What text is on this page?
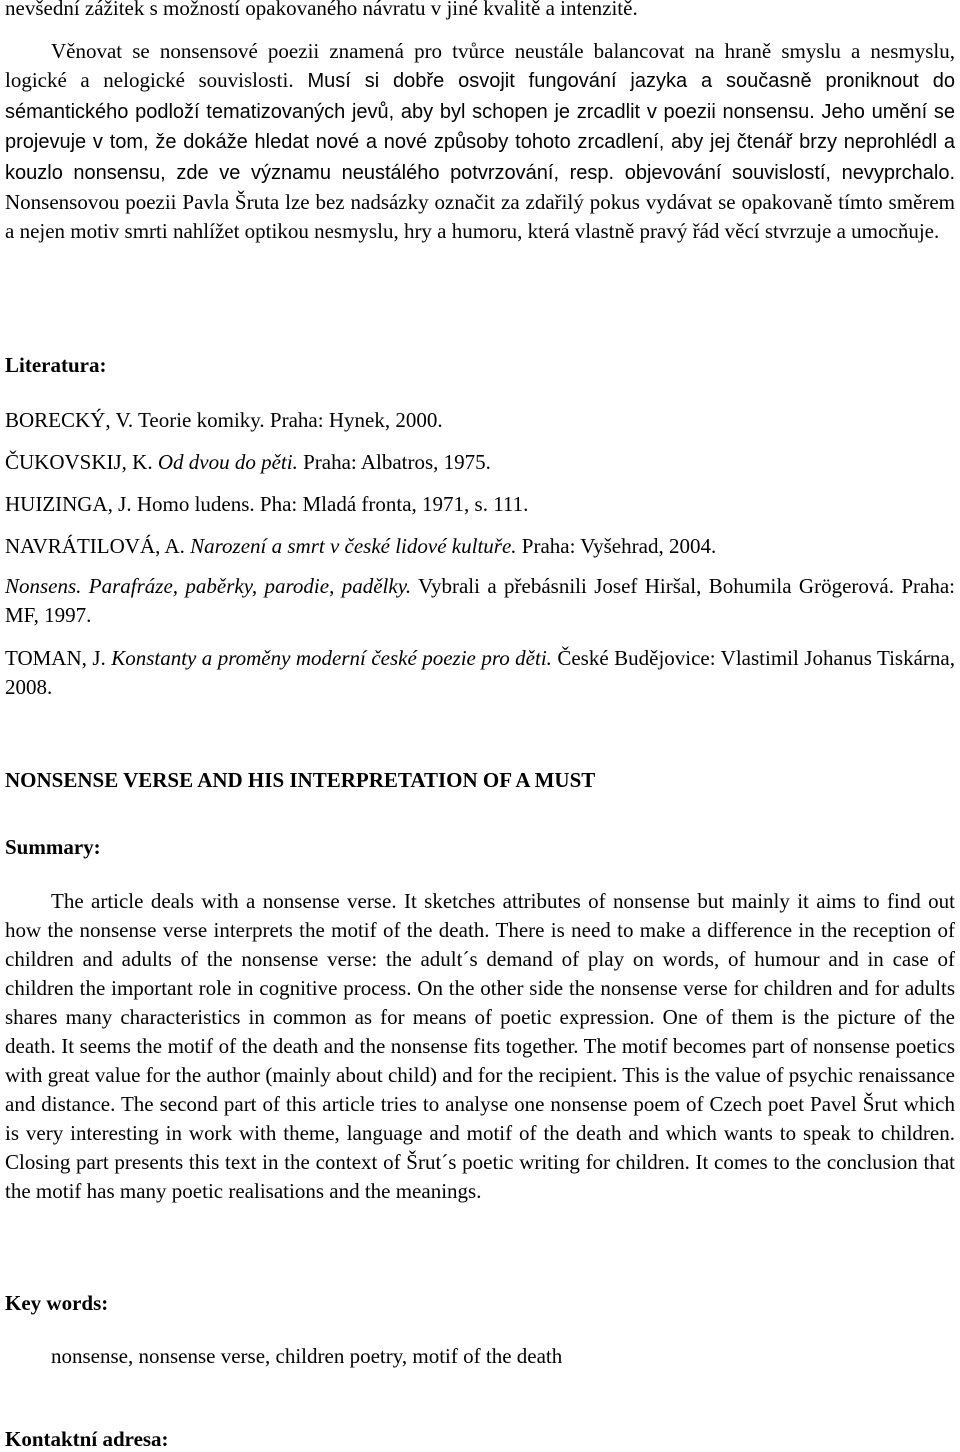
nevšední zážitek s možností opakovaného návratu v jiné kvalitě a intenzitě.

Věnovat se nonsensové poezii znamená pro tvůrce neustále balancovat na hraně smyslu a nesmyslu, logické a nelogické souvislosti. Musí si dobře osvojit fungování jazyka a současně proniknout do sémantického podloží tematizovaných jevů, aby byl schopen je zrcadlit v poezii nonsensu. Jeho umění se projevuje v tom, že dokáže hledat nové a nové způsoby tohoto zrcadlení, aby jej čtenář brzy neprohlédl a kouzlo nonsensu, zde ve významu neustálého potvrzování, resp. objevování souvislostí, nevyprchalo. Nonsensovou poezii Pavla Šruta lze bez nadsázky označit za zdařilý pokus vydávat se opakovaně tímto směrem a nejen motiv smrti nahlížet optikou nesmyslu, hry a humoru, která vlastně pravý řád věcí stvrzuje a umocňuje.

Literatura:

BORECKÝ, V. Teorie komiky. Praha: Hynek, 2000.

ČUKOVSKIJ, K. Od dvou do pěti. Praha: Albatros, 1975.

HUIZINGA, J. Homo ludens. Pha: Mladá fronta, 1971, s. 111.

NAVRÁTILOVÁ, A. Narození a smrt v české lidové kultuře. Praha: Vyšehrad, 2004.

Nonsens. Parafráze, paběrky, parodie, padělky. Vybrali a přebásnili Josef Hiršal, Bohumila Grögerová. Praha: MF, 1997.

TOMAN, J. Konstanty a proměny moderní české poezie pro děti. České Budějovice: Vlastimil Johanus Tiskárna, 2008.

NONSENSE VERSE AND HIS INTERPRETATION OF A MUST
Summary:

The article deals with a nonsense verse. It sketches attributes of nonsense but mainly it aims to find out how the nonsense verse interprets the motif of the death. There is need to make a difference in the reception of children and adults of the nonsense verse: the adult´s demand of play on words, of humour and in case of children the important role in cognitive process. On the other side the nonsense verse for children and for adults shares many characteristics in common as for means of poetic expression. One of them is the picture of the death. It seems the motif of the death and the nonsense fits together. The motif becomes part of nonsense poetics with great value for the author (mainly about child) and for the recipient. This is the value of psychic renaissance and distance. The second part of this article tries to analyse one nonsense poem of Czech poet Pavel Šrut which is very interesting in work with theme, language and motif of the death and which wants to speak to children. Closing part presents this text in the context of Šrut´s poetic writing for children. It comes to the conclusion that the motif has many poetic realisations and the meanings.

Key words:

nonsense, nonsense verse, children poetry, motif of the death

Kontaktní adresa:
